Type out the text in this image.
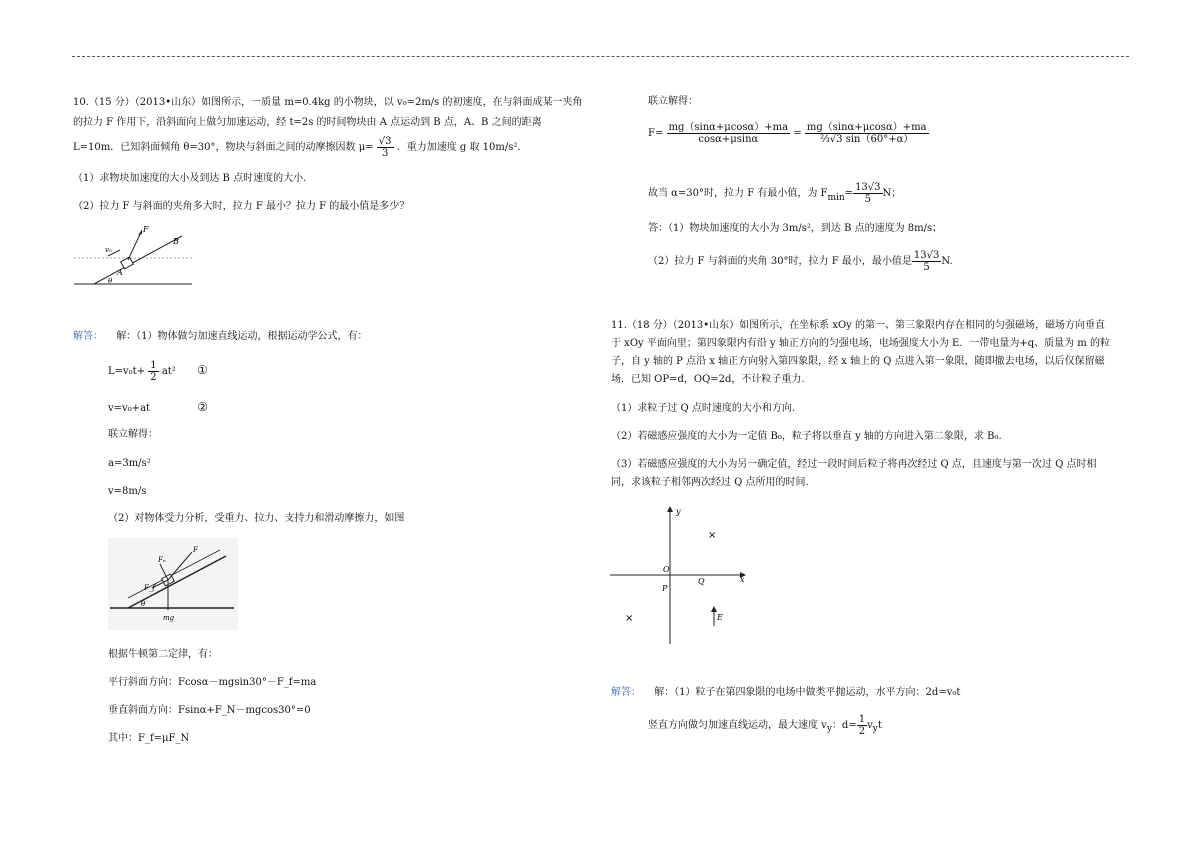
10.（15 分）（2013•山东）如图所示，一质量 m=0.4kg 的小物块，以 v₀=2m/s 的初速度，在与斜面成某一夹角
的拉力 F 作用下，沿斜面向上做匀加速运动，经 t=2s 的时间物块由 A 点运动到 B 点，A、B 之间的距离
L=10m．已知斜面倾角 θ=30°，物块与斜面之间的动摩擦因数 $\mu= \frac{√3}{3}$ ．重力加速度 g 取 10m/s².
（1）求物块加速度的大小及到达 B 点时速度的大小.
（2）拉力 F 与斜面的夹角多大时，拉力 F 最小？拉力 F 的最小值是多少？
F
v₀
B
A
θ
解答： 解：（1）物体做匀加速直线运动，根据运动学公式，有：
$L=v_0t+ \frac{1}{2} at^2$ ①
v=v₀+at	②
联立解得：
a=3m/s²
v=8m/s
（2）对物体受力分析，受重力、拉力、支持力和滑动摩擦力，如图
Fₙ
F
F_f
mg
θ
根据牛顿第二定律，有：
平行斜面方向：Fcosα－mgsin30°－F_f=ma
垂直斜面方向：Fsinα+F_N－mgcos30°=0
其中：F_f=μF_N
联立解得：
$F= \frac{mg(\sin\alpha+\mu\cos\alpha)+ma}{\cos\alpha+\mu\sin\alpha} = \frac{mg(\sin\alpha+\mu\cos\alpha)+ma}{\text{⅔√3 sin（60°+α）}}$
故当 α=30°时，拉力 F 有最小值，为 $Fmin= \frac{13√3}{5}$ N；
答：（1）物块加速度的大小为 3m/s²，到达 B 点的速度为 8m/s；
（2）拉力 F 与斜面的夹角 30°时，拉力 F 最小，最小值是 $\frac{13√3}{5} N$.
11.（18 分）（2013•山东）如图所示，在坐标系 xOy 的第一、第三象限内存在相同的匀强磁场，磁场方向垂直
于 xOy 平面向里；第四象限内有沿 y 轴正方向的匀强电场，电场强度大小为 E．一带电量为+q、质量为 m 的粒
子，自 y 轴的 P 点沿 x 轴正方向射入第四象限，经 x 轴上的 Q 点进入第一象限，随即撤去电场，以后仅保留磁
场．已知 OP=d，OQ=2d，不计粒子重力.
（1）求粒子过 Q 点时速度的大小和方向.
（2）若磁感应强度的大小为一定值 B₀，粒子将以垂直 y 轴的方向进入第二象限，求 B₀.
（3）若磁感应强度的大小为另一确定值，经过一段时间后粒子将再次经过 Q 点，且速度与第一次过 Q 点时相
同，求该粒子相邻两次经过 Q 点所用的时间.
y
x
O
Q
P
×
×	E
解答： 解：（1）粒子在第四象限的电场中做类平抛运动，水平方向：2d=v₀t
竖直方向做匀加速直线运动，最大速度 vy：$d= \frac{1}{2}$ vyt
